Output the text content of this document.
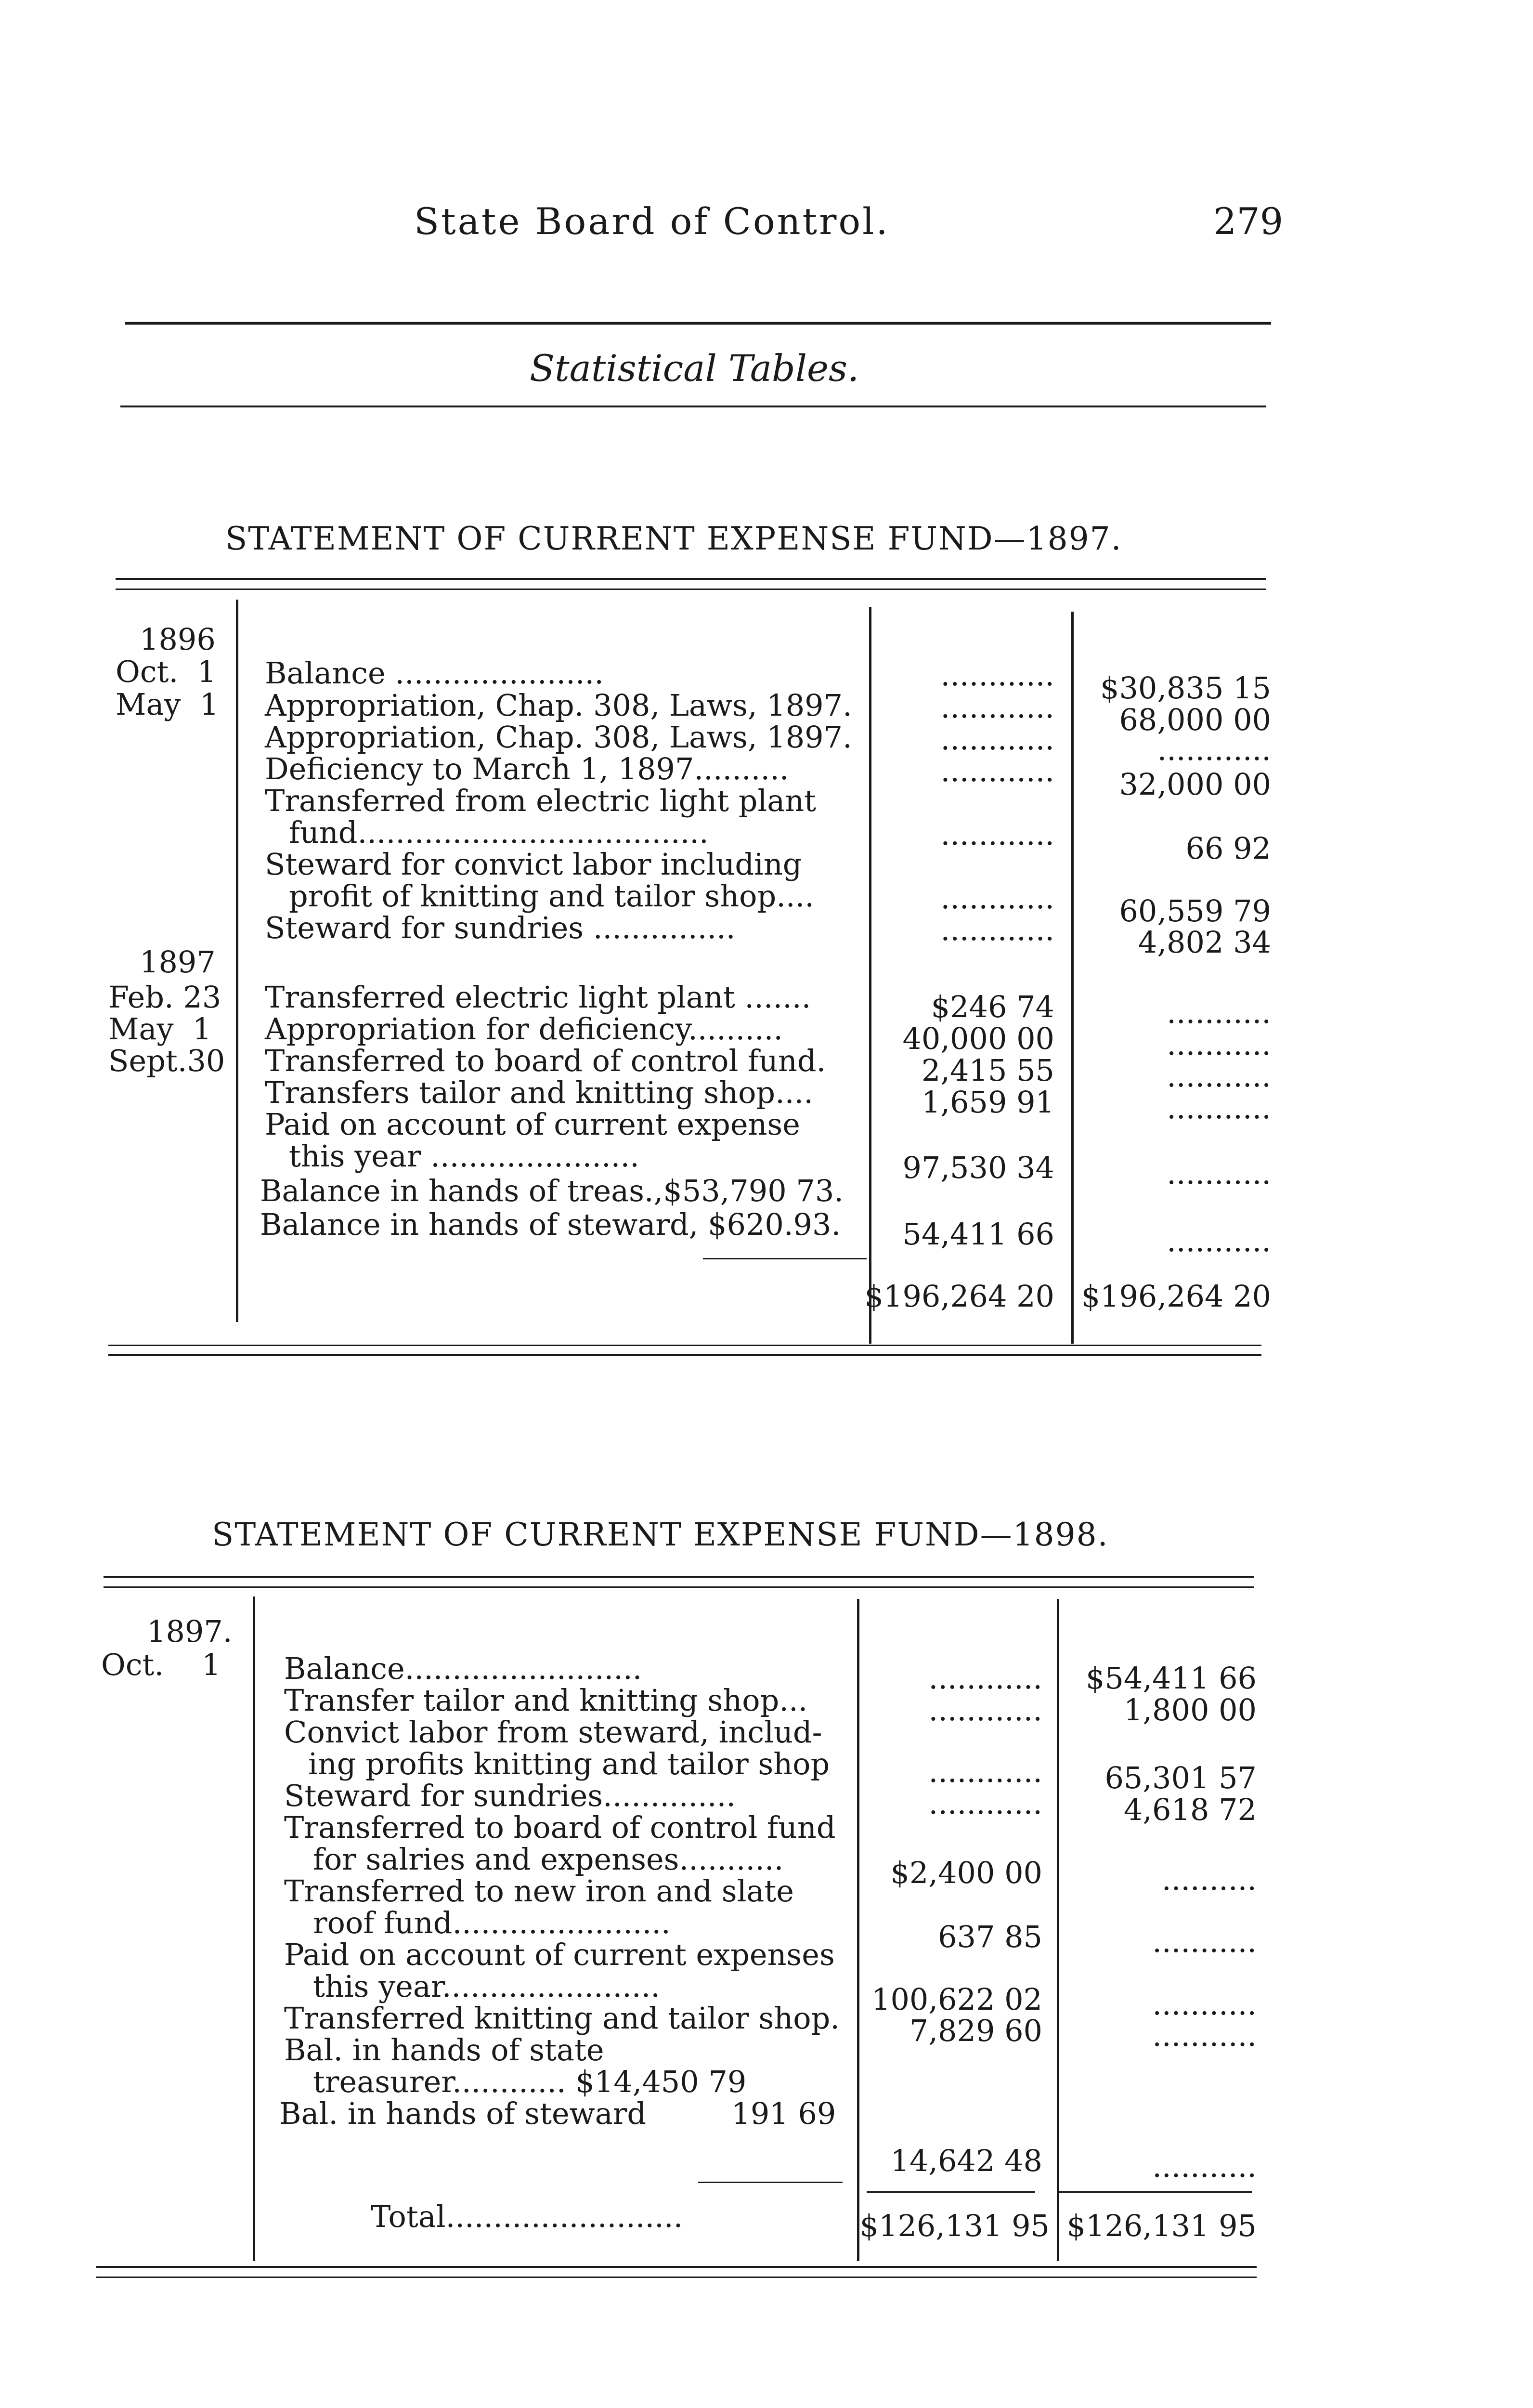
State Board of Control.	279
Statistical Tables.
STATEMENT OF CURRENT EXPENSE FUND—1897.
1896
Oct.  1
May  1
1897
Feb. 23
May  1
Sept.30
Balance ......................
Appropriation, Chap. 308, Laws, 1897.
Appropriation, Chap. 308, Laws, 1897.
Deficiency to March 1, 1897..........
Transferred from electric light plant
fund.....................................
Steward for convict labor including
profit of knitting and tailor shop....
Steward for sundries ...............
Transferred electric light plant .......
Appropriation for deficiency..........
Transferred to board of control fund.
Transfers tailor and knitting shop....
Paid on account of current expense
this year ......................
Balance in hands of treas.,$53,790 73.
Balance in hands of steward, $620.93.
............
............
............
............
............
............
............
$246 74
40,000 00
2,415 55
1,659 91
97,530 34
54,411 66
$196,264 20
$30,835 15
68,000 00
............
32,000 00
66 92
60,559 79
4,802 34
...........
...........
...........
...........
...........
...........
$196,264 20
STATEMENT OF CURRENT EXPENSE FUND—1898.
1897.
Oct.    1 Balance.........................
Transfer tailor and knitting shop...
Convict labor from steward, includ-
ing profits knitting and tailor shop
Steward for sundries..............
Transferred to board of control fund
for salries and expenses...........
Transferred to new iron and slate
roof fund.......................
Paid on account of current expenses
this year.......................
Transferred knitting and tailor shop.
Bal. in hands of state
treasurer............ $14,450 79
Bal. in hands of steward         191 69
............
............
............
............
$2,400 00
637 85
100,622 02
7,829 60
14,642 48
$126,131 95
$54,411 66
1,800 00
65,301 57
4,618 72
..........
...........
...........
...........
...........
$126,131 95
Total.........................
